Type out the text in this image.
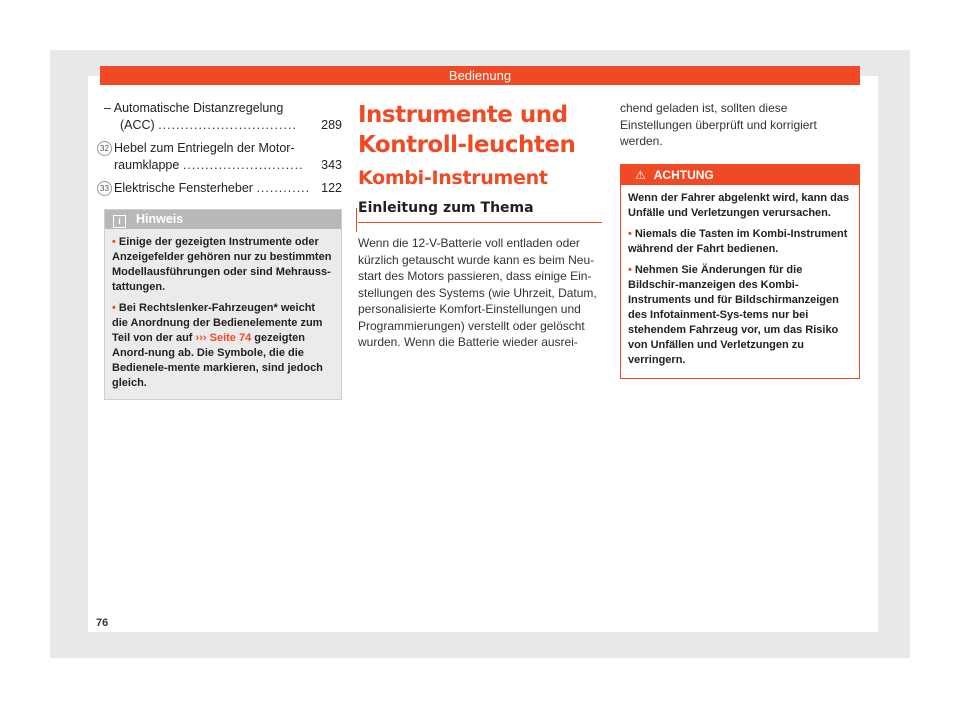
Bedienung
– Automatische Distanzregelung
(ACC) ...............................	289
32 Hebel zum Entriegeln der Motor-
raumklappe ...........................	343
33 Elektrische Fensterheber ............ 122
i Hinweis

• Einige der gezeigten Instrumente oder Anzeigefelder gehören nur zu bestimmten Modellausführungen oder sind Mehrauss-tattungen.

• Bei Rechtslenker-Fahrzeugen* weicht die Anordnung der Bedienelemente zum Teil von der auf ››› Seite 74 gezeigten Anord-nung ab. Die Symbole, die die Bedienele-mente markieren, sind jedoch gleich.

Instrumente und Kontroll-leuchten
Kombi-Instrument
Einleitung zum Thema
Wenn die 12-V-Batterie voll entladen oder kürzlich getauscht wurde kann es beim Neu-start des Motors passieren, dass einige Ein-stellungen des Systems (wie Uhrzeit, Datum, personalisierte Komfort-Einstellungen und Programmierungen) verstellt oder gelöscht wurden. Wenn die Batterie wieder ausrei-
chend geladen ist, sollten diese Einstellungen überprüft und korrigiert werden.
⚠ ACHTUNG

Wenn der Fahrer abgelenkt wird, kann das Unfälle und Verletzungen verursachen.

• Niemals die Tasten im Kombi-Instrument während der Fahrt bedienen.

• Nehmen Sie Änderungen für die Bildschir-manzeigen des Kombi-Instruments und für Bildschirmanzeigen des Infotainment-Sys-tems nur bei stehendem Fahrzeug vor, um das Risiko von Unfällen und Verletzungen zu verringern.

76
